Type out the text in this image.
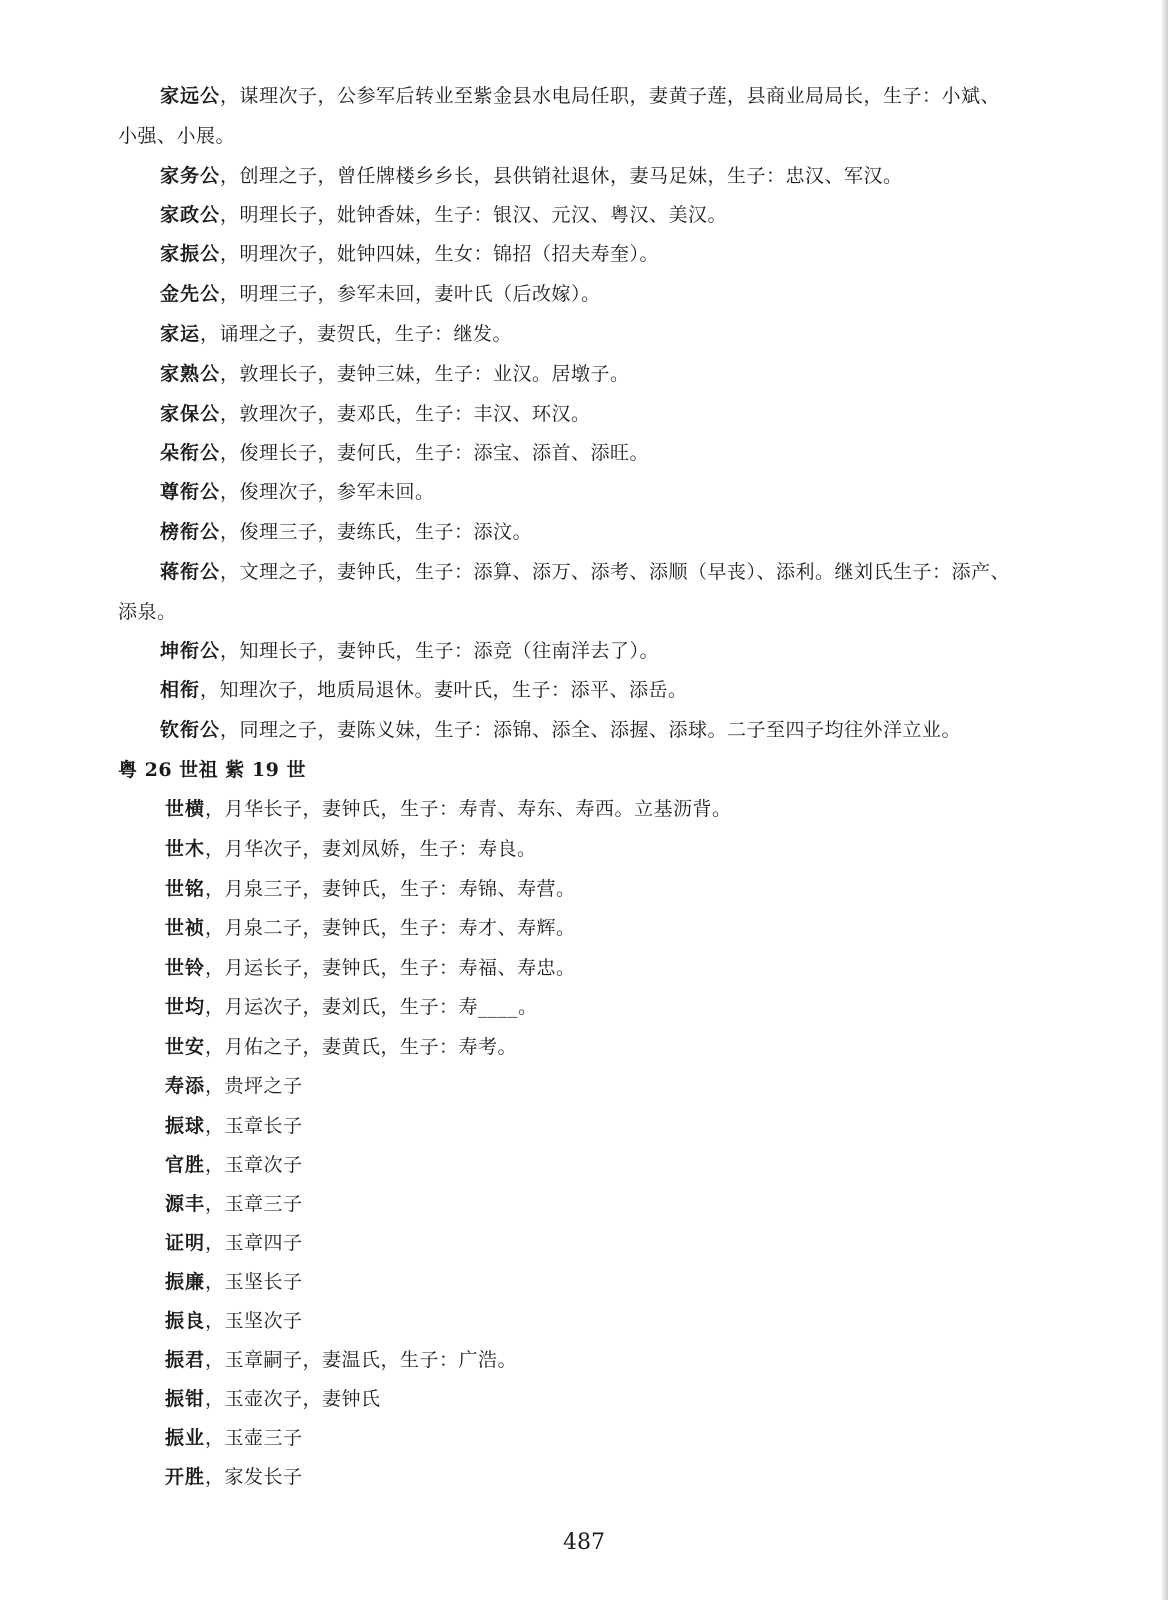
家远公，谋理次子，公参军后转业至紫金县水电局任职，妻黄子莲，县商业局局长，生子：小斌、
小强、小展。
家务公，创理之子，曾任牌楼乡乡长，县供销社退休，妻马足妹，生子：忠汉、军汉。
家政公，明理长子，妣钟香妹，生子：银汉、元汉、粤汉、美汉。
家振公，明理次子，妣钟四妹，生女：锦招（招夫寿奎）。
金先公，明理三子，参军未回，妻叶氏（后改嫁）。
家运，诵理之子，妻贺氏，生子：继发。
家熟公，敦理长子，妻钟三妹，生子：业汉。居墩子。
家保公，敦理次子，妻邓氏，生子：丰汉、环汉。
朵衔公，俊理长子，妻何氏，生子：添宝、添首、添旺。
尊衔公，俊理次子，参军未回。
榜衔公，俊理三子，妻练氏，生子：添汶。
蒋衔公，文理之子，妻钟氏，生子：添算、添万、添考、添顺（早丧）、添利。继刘氏生子：添产、
添泉。
坤衔公，知理长子，妻钟氏，生子：添竞（往南洋去了）。
相衔，知理次子，地质局退休。妻叶氏，生子：添平、添岳。
钦衔公，同理之子，妻陈义妹，生子：添锦、添全、添握、添球。二子至四子均往外洋立业。
粤 26 世祖 紫 19 世
世横，月华长子，妻钟氏，生子：寿青、寿东、寿西。立基沥背。
世木，月华次子，妻刘凤娇，生子：寿良。
世铭，月泉三子，妻钟氏，生子：寿锦、寿营。
世祯，月泉二子，妻钟氏，生子：寿才、寿辉。
世铃，月运长子，妻钟氏，生子：寿福、寿忠。
世均，月运次子，妻刘氏，生子：寿____。
世安，月佑之子，妻黄氏，生子：寿考。
寿添，贵坪之子
振球，玉章长子
官胜，玉章次子
源丰，玉章三子
证明，玉章四子
振廉，玉坚长子
振良，玉坚次子
振君，玉章嗣子，妻温氏，生子：广浩。
振钳，玉壶次子，妻钟氏
振业，玉壶三子
开胜，家发长子
487
